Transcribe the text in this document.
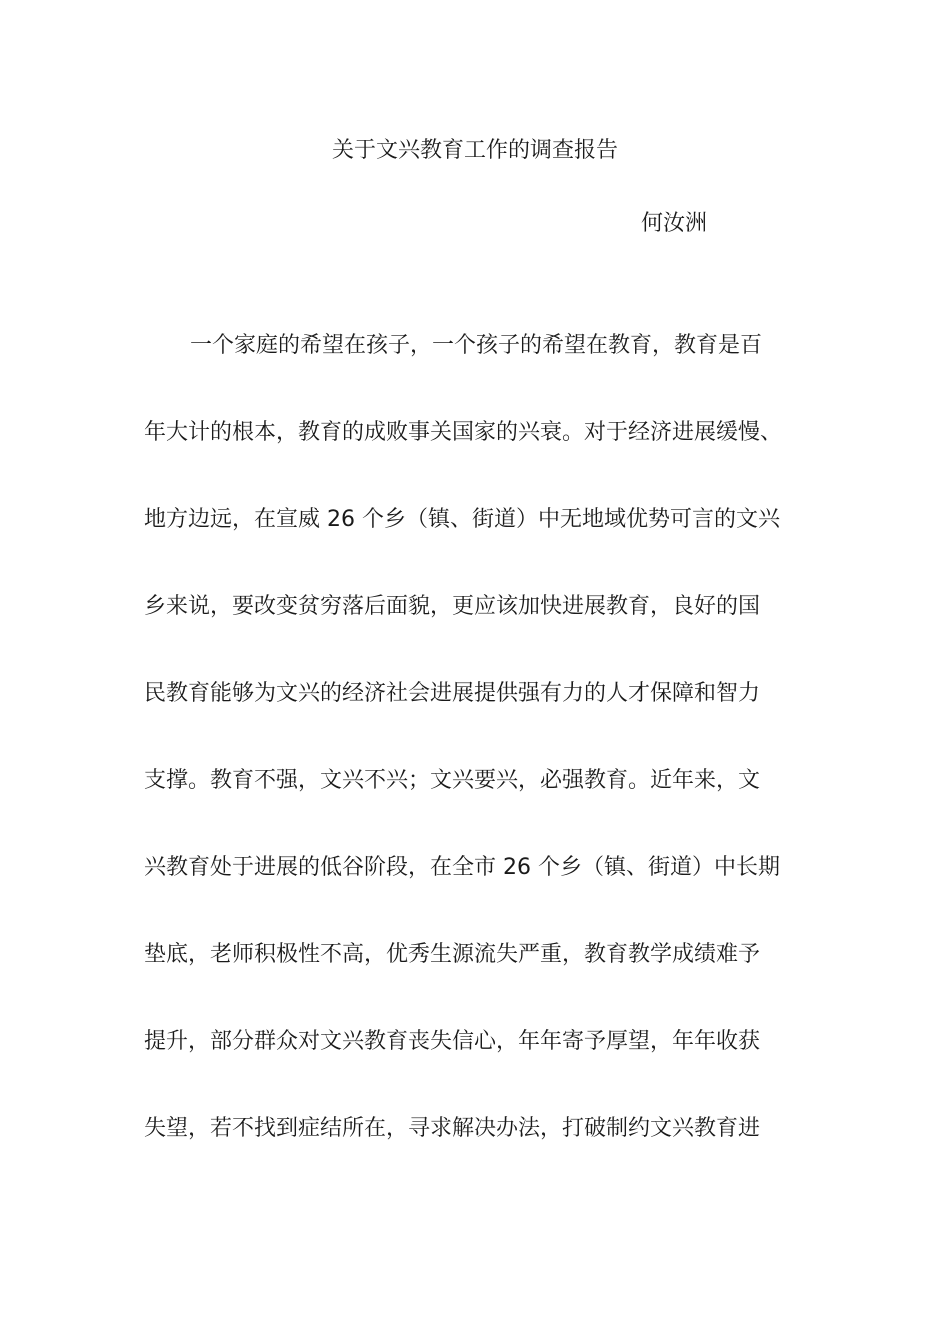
关于文兴教育工作的调查报告
何汝洲
一个家庭的希望在孩子，一个孩子的希望在教育，教育是百
年大计的根本，教育的成败事关国家的兴衰。对于经济进展缓慢、
地方边远，在宣威 26 个乡（镇、街道）中无地域优势可言的文兴
乡来说，要改变贫穷落后面貌，更应该加快进展教育，良好的国
民教育能够为文兴的经济社会进展提供强有力的人才保障和智力
支撑。教育不强，文兴不兴；文兴要兴，必强教育。近年来，文
兴教育处于进展的低谷阶段，在全市 26 个乡（镇、街道）中长期
垫底，老师积极性不高，优秀生源流失严重，教育教学成绩难予
提升，部分群众对文兴教育丧失信心，年年寄予厚望，年年收获
失望，若不找到症结所在，寻求解决办法，打破制约文兴教育进
